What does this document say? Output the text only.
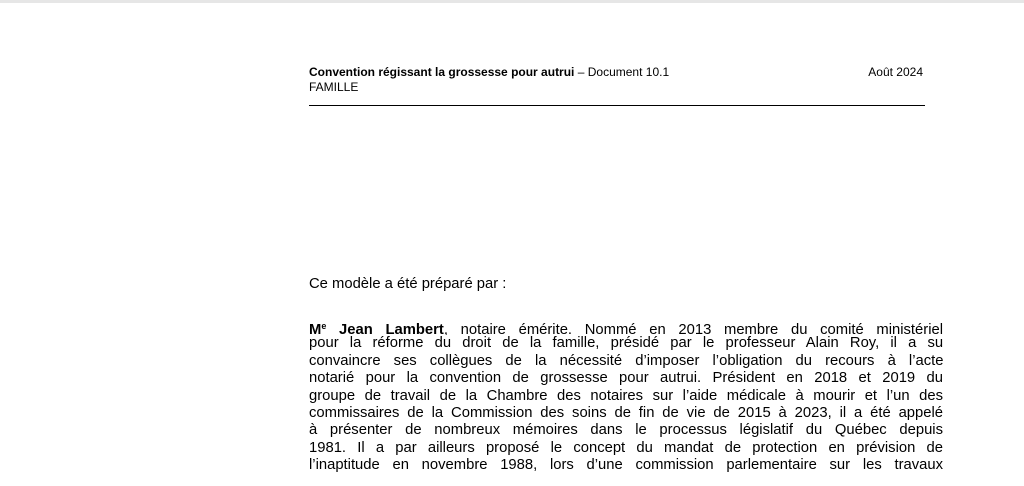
Convention régissant la grossesse pour autrui – Document 10.1	Août 2024
FAMILLE
Ce modèle a été préparé par :
Me Jean Lambert, notaire émérite. Nommé en 2013 membre du comité ministériel
pour la réforme du droit de la famille, présidé par le professeur Alain Roy, il a su
convaincre ses collègues de la nécessité d’imposer l’obligation du recours à l’acte
notarié pour la convention de grossesse pour autrui. Président en 2018 et 2019 du
groupe de travail de la Chambre des notaires sur l’aide médicale à mourir et l’un des
commissaires de la Commission des soins de fin de vie de 2015 à 2023, il a été appelé
à présenter de nombreux mémoires dans le processus législatif du Québec depuis
1981. Il a par ailleurs proposé le concept du mandat de protection en prévision de
l’inaptitude en novembre 1988, lors d’une commission parlementaire sur les travaux
